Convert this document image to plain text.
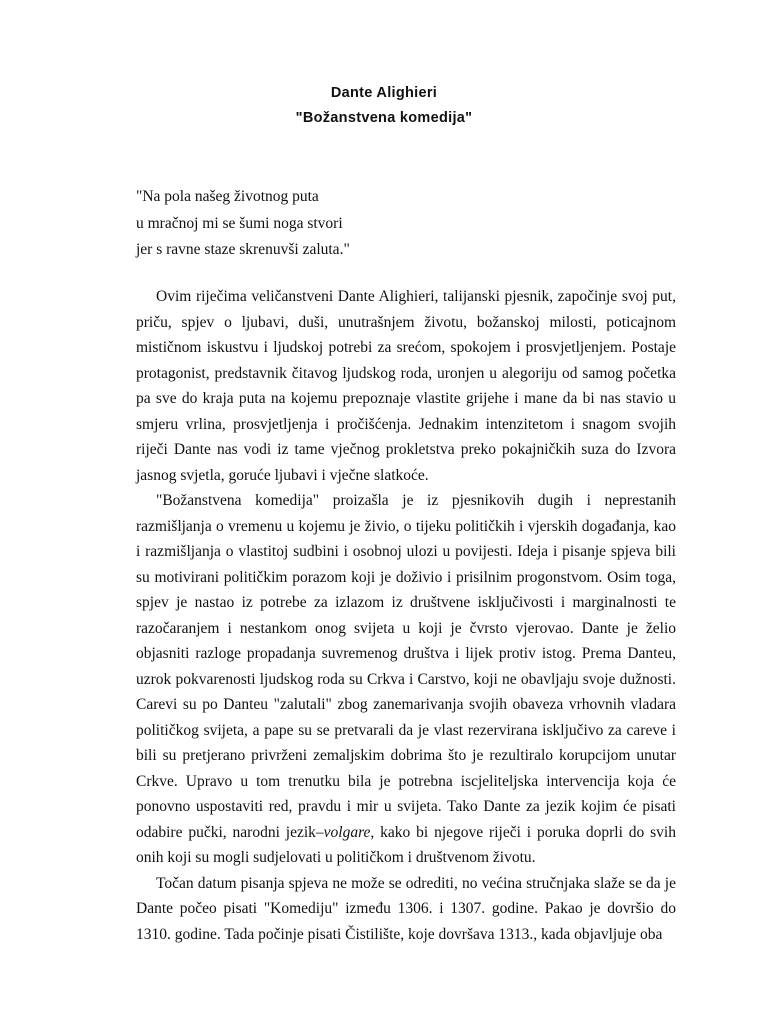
Dante Alighieri
"Božanstvena komedija"
"Na pola našeg životnog puta
u mračnoj mi se šumi noga stvori
jer s ravne staze skrenuvši zaluta."

Ovim riječima veličanstveni Dante Alighieri, talijanski pjesnik, započinje svoj put, priču, spjev o ljubavi, duši, unutrašnjem životu, božanskoj milosti, poticajnom mističnom iskustvu i ljudskoj potrebi za srećom, spokojem i prosvjetljenjem. Postaje protagonist, predstavnik čitavog ljudskog roda, uronjen u alegoriju od samog početka pa sve do kraja puta na kojemu prepoznaje vlastite grijehe i mane da bi nas stavio u smjeru vrlina, prosvjetljenja i pročišćenja. Jednakim intenzitetom i snagom svojih riječi Dante nas vodi iz tame vječnog prokletstva preko pokajničkih suza do Izvora jasnog svjetla, goruće ljubavi i vječne slatkoće.

"Božanstvena komedija" proizašla je iz pjesnikovih dugih i neprestanih razmišljanja o vremenu u kojemu je živio, o tijeku političkih i vjerskih događanja, kao i razmišljanja o vlastitoj sudbini i osobnoj ulozi u povijesti. Ideja i pisanje spjeva bili su motivirani političkim porazom koji je doživio i prisilnim progonstvom. Osim toga, spjev je nastao iz potrebe za izlazom iz društvene isključivosti i marginalnosti te razočaranjem i nestankom onog svijeta u koji je čvrsto vjerovao. Dante je želio objasniti razloge propadanja suvremenog društva i lijek protiv istog. Prema Danteu, uzrok pokvarenosti ljudskog roda su Crkva i Carstvo, koji ne obavljaju svoje dužnosti. Carevi su po Danteu "zalutali" zbog zanemarivanja svojih obaveza vrhovnih vladara političkog svijeta, a pape su se pretvarali da je vlast rezervirana isključivo za careve i bili su pretjerano privrženi zemaljskim dobrima što je rezultiralo korupcijom unutar Crkve. Upravo u tom trenutku bila je potrebna iscjeliteljska intervencija koja će ponovno uspostaviti red, pravdu i mir u svijeta. Tako Dante za jezik kojim će pisati odabire pučki, narodni jezik–volgare, kako bi njegove riječi i poruka doprli do svih onih koji su mogli sudjelovati u političkom i društvenom životu.

Točan datum pisanja spjeva ne može se odrediti, no većina stručnjaka slaže se da je Dante počeo pisati "Komediju" između 1306. i 1307. godine. Pakao je dovršio do 1310. godine. Tada počinje pisati Čistilište, koje dovršava 1313., kada objavljuje oba
